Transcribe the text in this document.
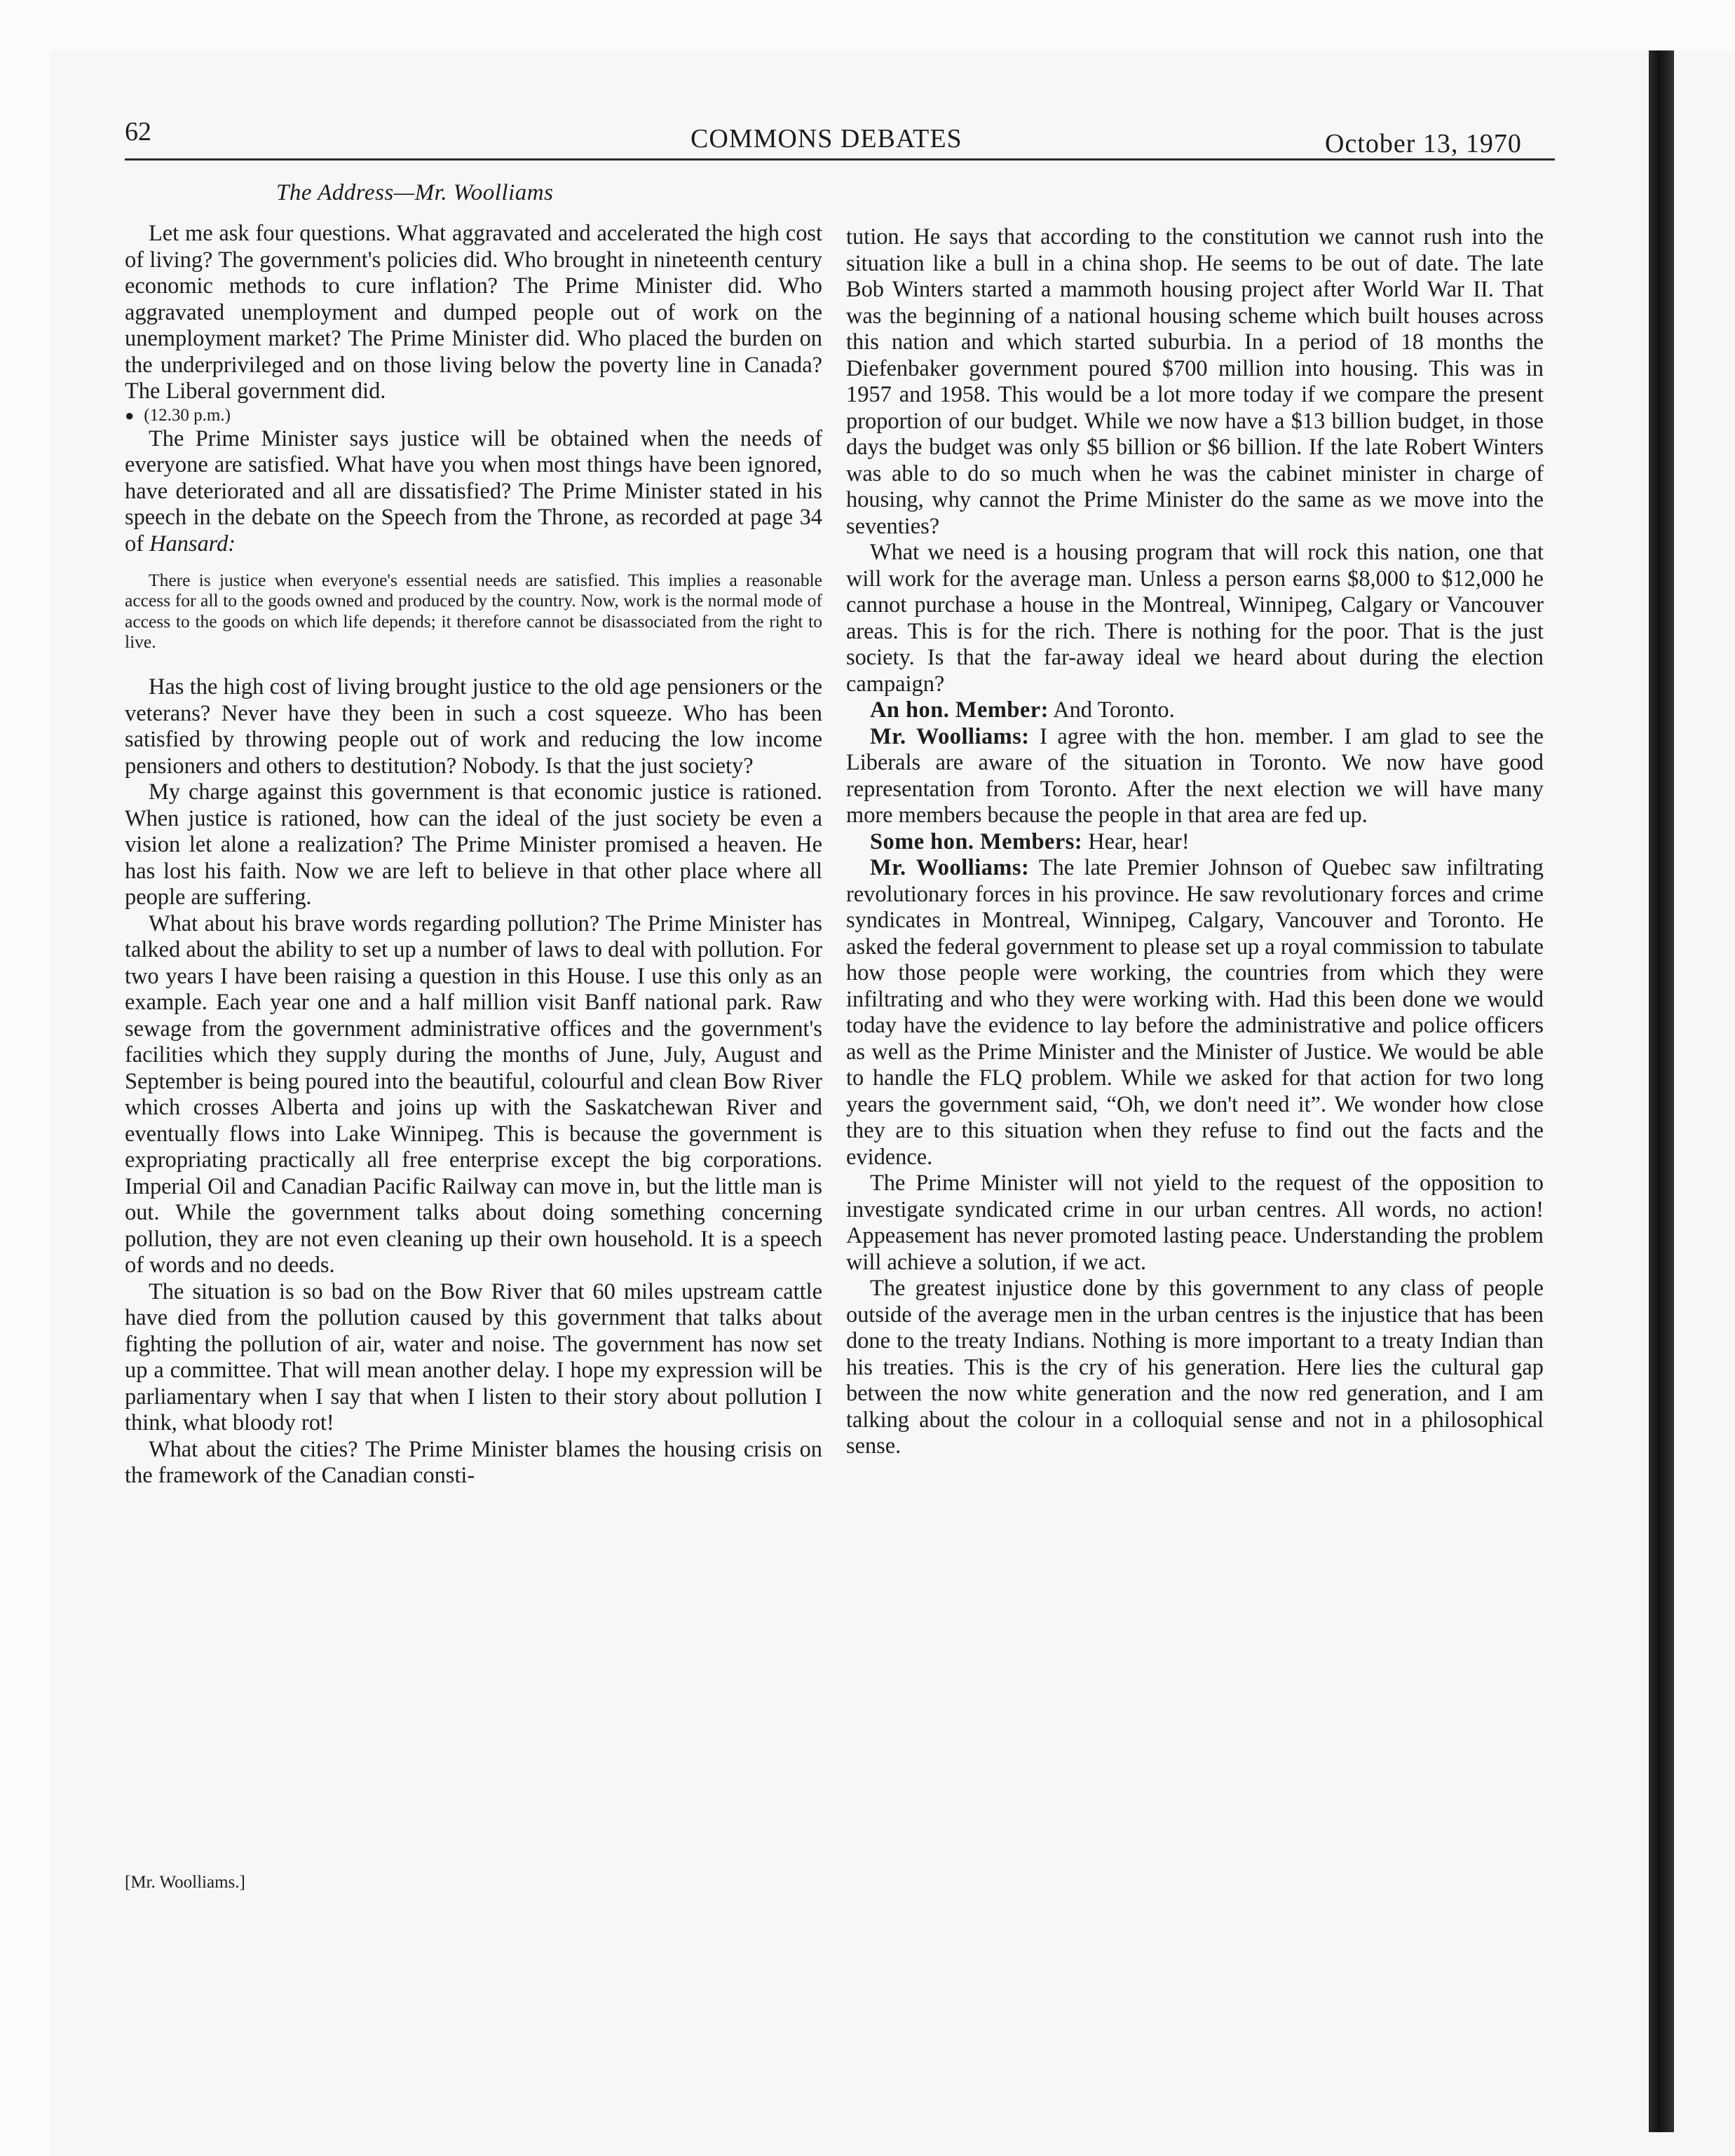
62	COMMONS DEBATES	October 13, 1970
The Address—Mr. Woolliams

Let me ask four questions. What aggravated and accelerated the high cost of living? The government's policies did. Who brought in nineteenth century economic methods to cure inflation? The Prime Minister did. Who aggravated unemployment and dumped people out of work on the unemployment market? The Prime Minister did. Who placed the burden on the underprivileged and on those living below the poverty line in Canada? The Liberal government did.

● (12.30 p.m.)

The Prime Minister says justice will be obtained when the needs of everyone are satisfied. What have you when most things have been ignored, have deteriorated and all are dissatisfied? The Prime Minister stated in his speech in the debate on the Speech from the Throne, as recorded at page 34 of Hansard:

There is justice when everyone's essential needs are satisfied. This implies a reasonable access for all to the goods owned and produced by the country. Now, work is the normal mode of access to the goods on which life depends; it therefore cannot be disassociated from the right to live.

Has the high cost of living brought justice to the old age pensioners or the veterans? Never have they been in such a cost squeeze. Who has been satisfied by throwing people out of work and reducing the low income pensioners and others to destitution? Nobody. Is that the just society?

My charge against this government is that economic justice is rationed. When justice is rationed, how can the ideal of the just society be even a vision let alone a realization? The Prime Minister promised a heaven. He has lost his faith. Now we are left to believe in that other place where all people are suffering.

What about his brave words regarding pollution? The Prime Minister has talked about the ability to set up a number of laws to deal with pollution. For two years I have been raising a question in this House. I use this only as an example. Each year one and a half million visit Banff national park. Raw sewage from the government administrative offices and the government's facilities which they supply during the months of June, July, August and September is being poured into the beautiful, colourful and clean Bow River which crosses Alberta and joins up with the Saskatchewan River and eventually flows into Lake Winnipeg. This is because the government is expropriating practically all free enterprise except the big corporations. Imperial Oil and Canadian Pacific Railway can move in, but the little man is out. While the government talks about doing something concerning pollution, they are not even cleaning up their own household. It is a speech of words and no deeds.

The situation is so bad on the Bow River that 60 miles upstream cattle have died from the pollution caused by this government that talks about fighting the pollution of air, water and noise. The government has now set up a committee. That will mean another delay. I hope my expression will be parliamentary when I say that when I listen to their story about pollution I think, what bloody rot!

What about the cities? The Prime Minister blames the housing crisis on the framework of the Canadian consti-

[Mr. Woolliams.]

tution. He says that according to the constitution we cannot rush into the situation like a bull in a china shop. He seems to be out of date. The late Bob Winters started a mammoth housing project after World War II. That was the beginning of a national housing scheme which built houses across this nation and which started suburbia. In a period of 18 months the Diefenbaker government poured $700 million into housing. This was in 1957 and 1958. This would be a lot more today if we compare the present proportion of our budget. While we now have a $13 billion budget, in those days the budget was only $5 billion or $6 billion. If the late Robert Winters was able to do so much when he was the cabinet minister in charge of housing, why cannot the Prime Minister do the same as we move into the seventies?

What we need is a housing program that will rock this nation, one that will work for the average man. Unless a person earns $8,000 to $12,000 he cannot purchase a house in the Montreal, Winnipeg, Calgary or Vancouver areas. This is for the rich. There is nothing for the poor. That is the just society. Is that the far-away ideal we heard about during the election campaign?

An hon. Member: And Toronto.

Mr. Woolliams: I agree with the hon. member. I am glad to see the Liberals are aware of the situation in Toronto. We now have good representation from Toronto. After the next election we will have many more members because the people in that area are fed up.

Some hon. Members: Hear, hear!

Mr. Woolliams: The late Premier Johnson of Quebec saw infiltrating revolutionary forces in his province. He saw revolutionary forces and crime syndicates in Montreal, Winnipeg, Calgary, Vancouver and Toronto. He asked the federal government to please set up a royal commission to tabulate how those people were working, the countries from which they were infiltrating and who they were working with. Had this been done we would today have the evidence to lay before the administrative and police officers as well as the Prime Minister and the Minister of Justice. We would be able to handle the FLQ problem. While we asked for that action for two long years the government said, “Oh, we don't need it”. We wonder how close they are to this situation when they refuse to find out the facts and the evidence.

The Prime Minister will not yield to the request of the opposition to investigate syndicated crime in our urban centres. All words, no action! Appeasement has never promoted lasting peace. Understanding the problem will achieve a solution, if we act.

The greatest injustice done by this government to any class of people outside of the average men in the urban centres is the injustice that has been done to the treaty Indians. Nothing is more important to a treaty Indian than his treaties. This is the cry of his generation. Here lies the cultural gap between the now white generation and the now red generation, and I am talking about the colour in a colloquial sense and not in a philosophical sense.
